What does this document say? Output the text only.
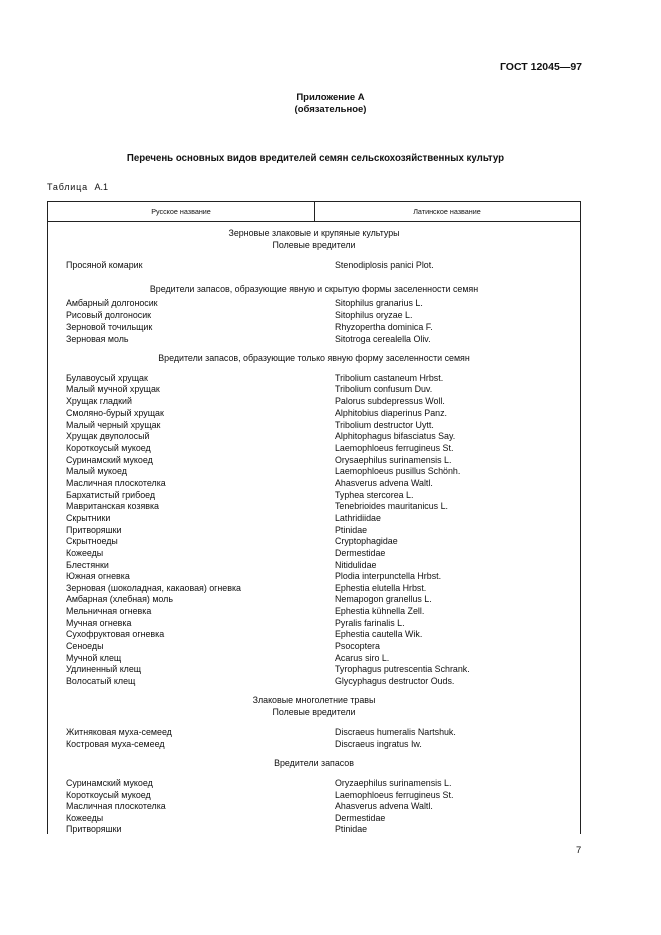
ГОСТ 12045—97
Приложение А
(обязательное)
Перечень основных видов вредителей семян сельскохозяйственных культур
Таблица А.1
Русское название	Латинское название
Зерновые злаковые и крупяные культуры
Полевые вредители
Просяной комарик	Stenodiplosis panici Plot.
Вредители запасов, образующие явную и скрытую формы заселенности семян
Амбарный долгоносик	Sitophilus granarius L.
Рисовый долгоносик	Sitophilus oryzae L.
Зерновой точильщик	Rhyzopertha dominica F.
Зерновая моль	Sitotroga cerealella Oliv.
Вредители запасов, образующие только явную форму заселенности семян
Булавоусый хрущак	Tribolium castaneum Hrbst.
Малый мучной хрущак	Tribolium confusum Duv.
Хрущак гладкий	Palorus subdepressus Woll.
Смоляно-бурый хрущак	Alphitobius diaperinus Panz.
Малый черный хрущак	Tribolium destructor Uytt.
Хрущак двуполосый	Alphitophagus bifasciatus Say.
Короткоусый мукоед	Laemophloeus ferrugineus St.
Суринамский мукоед	Orysaephilus surinamensis L.
Малый мукоед	Laemophloeus pusillus Schönh.
Масличная плоскотелка	Ahasverus advena Waltl.
Бархатистый грибоед	Typhea stercorea L.
Мавританская козявка	Tenebrioides mauritanicus L.
Скрытники	Lathridiidae
Притворяшки	Ptinidae
Скрытноеды	Cryptophagidae
Кожееды	Dermestidae
Блестянки	Nitidulidae
Южная огневка	Plodia interpunctella Hrbst.
Зерновая (шоколадная, какаовая) огневка	Ephestia elutella Hrbst.
Амбарная (хлебная) моль	Nemapogon granellus L.
Мельничная огневка	Ephestia kühnella Zell.
Мучная огневка	Pyralis farinalis L.
Сухофруктовая огневка	Ephestia cautella Wik.
Сеноеды	Psocoptera
Мучной клещ	Acarus siro L.
Удлиненный клещ	Tyrophagus putrescentia Schrank.
Волосатый клещ	Glycyphagus destructor Ouds.
Злаковые многолетние травы
Полевые вредители
Житняковая муха-семеед	Discraeus humeralis Nartshuk.
Костровая муха-семеед	Discraeus ingratus Iw.
Вредители запасов
Суринамский мукоед	Oryzaephilus surinamensis L.
Короткоусый мукоед	Laemophloeus ferrugineus St.
Масличная плоскотелка	Ahasverus advena Waltl.
Кожееды	Dermestidae
Притворяшки	Ptinidae
7
